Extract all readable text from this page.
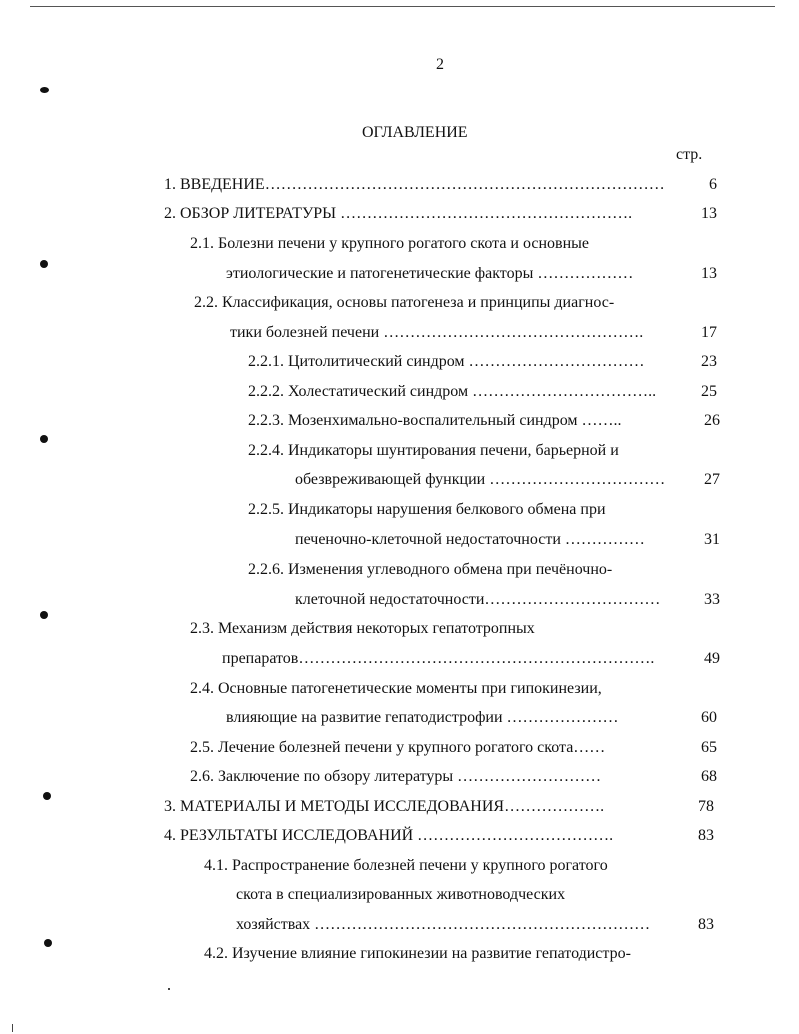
2
ОГЛАВЛЕНИЕ
стр.
1. ВВЕДЕНИЕ…………………………………………………………………	6
2. ОБЗОР ЛИТЕРАТУРЫ ……………………………………………….	13
2.1. Болезни печени у крупного рогатого скота и основные
этиологические и патогенетические факторы ………………	13
2.2. Классификация, основы патогенеза и принципы диагнос-
тики болезней печени ………………………………………….	17
2.2.1. Цитолитический синдром ……………………………	23
2.2.2. Холестатический синдром ……………………………..	25
2.2.3. Мозенхимально-воспалительный синдром ……..	26
2.2.4. Индикаторы шунтирования печени, барьерной и
обезвреживающей функции ……………………………	27
2.2.5. Индикаторы нарушения белкового обмена при
печеночно-клеточной недостаточности ……………	31
2.2.6. Изменения углеводного обмена при печёночно-
клеточной недостаточности……………………………	33
2.3. Механизм действия некоторых гепатотропных
препаратов………………………………………………………….	49
2.4. Основные патогенетические моменты при гипокинезии,
влияющие на развитие гепатодистрофии …………………	60
2.5. Лечение болезней печени у крупного рогатого скота……	65
2.6. Заключение по обзору литературы ………………………	68
3. МАТЕРИАЛЫ И МЕТОДЫ ИССЛЕДОВАНИЯ……………….	78
4. РЕЗУЛЬТАТЫ ИССЛЕДОВАНИЙ ……………………………….	83
4.1. Распространение болезней печени у крупного рогатого
скота в специализированных животноводческих
хозяйствах ………………………………………………………	83
4.2. Изучение влияние гипокинезии на развитие гепатодистро-
